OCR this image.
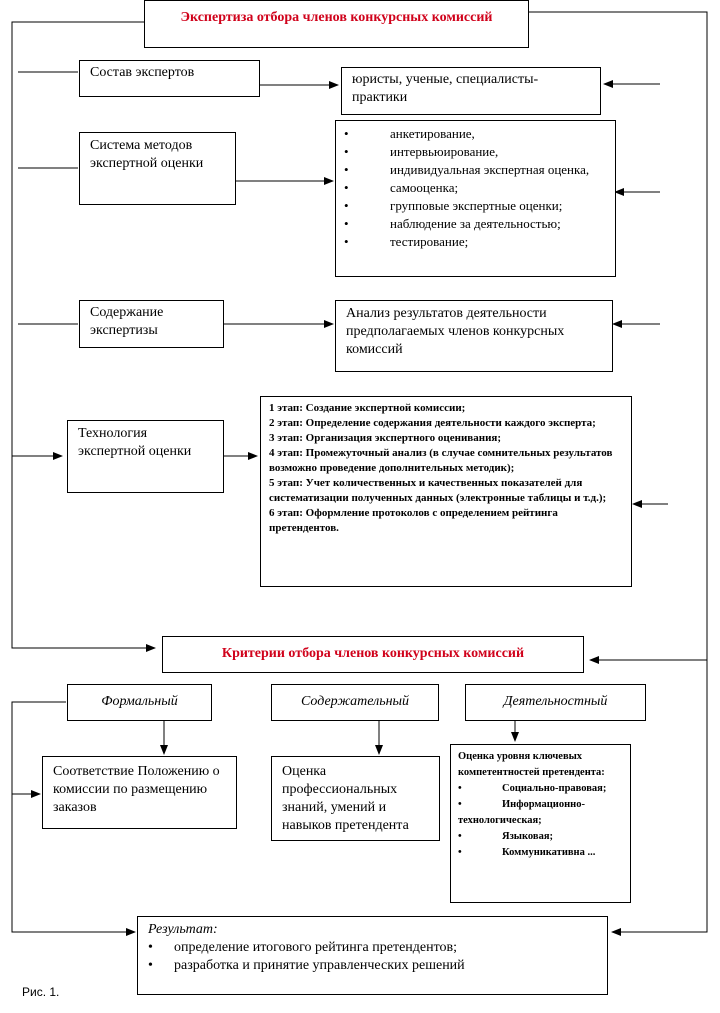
Экспертиза отбора членов конкурсных комиссий
Состав экспертов	юристы, ученые, специалисты-практики
Система методов экспертной оценки
•	анкетирование,
•	интервьюирование,
•	индивидуальная экспертная оценка,
•	самооценка;
•	групповые экспертные оценки;
•	наблюдение за деятельностью;
•	тестирование;
Содержание экспертизы
Анализ результатов деятельности предполагаемых членов конкурсных комиссий
Технология экспертной оценки
1 этап: Создание экспертной комиссии;
2 этап: Определение содержания деятельности каждого эксперта;
3 этап: Организация экспертного оценивания;
4 этап: Промежуточный анализ (в случае сомнительных результатов возможно проведение дополнительных методик);
5 этап: Учет количественных и качественных показателей для систематизации полученных данных (электронные таблицы и т.д.);
6 этап: Оформление протоколов с определением рейтинга претендентов.
Критерии отбора членов конкурсных комиссий
Формальный	Содержательный	Деятельностный
Соответствие Положению о комиссии по размещению заказов
Оценка профессиональных знаний, умений и навыков претендента
Оценка уровня ключевых компетентностей претендента:
•	Социально-правовая;
•	Информационно-технологическая;
•	Языковая;
•	Коммуникативна ...
Результат:
• определение итогового рейтинга претендентов;
• разработка и принятие управленческих решений
Рис. 1.
